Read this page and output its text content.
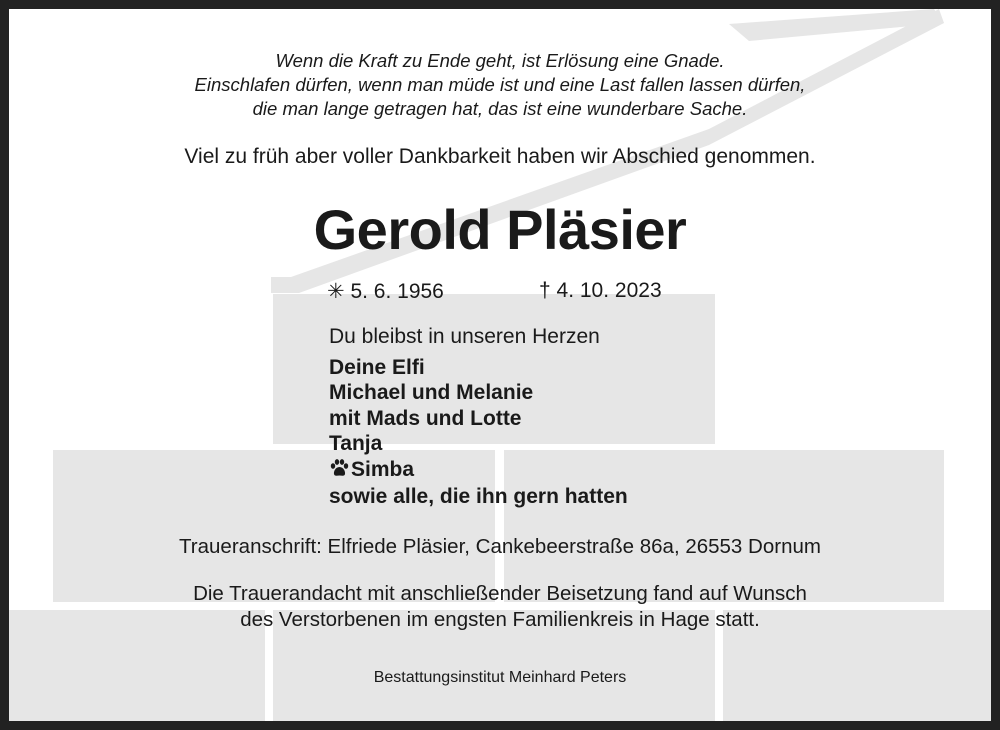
Wenn die Kraft zu Ende geht, ist Erlösung eine Gnade.
Einschlafen dürfen, wenn man müde ist und eine Last fallen lassen dürfen,
die man lange getragen hat, das ist eine wunderbare Sache.
Viel zu früh aber voller Dankbarkeit haben wir Abschied genommen.
Gerold Pläsier
✳ 5. 6. 1956	† 4. 10. 2023
Du bleibst in unseren Herzen
Deine Elfi
Michael und Melanie
mit Mads und Lotte
Tanja
Simba
sowie alle, die ihn gern hatten
Traueranschrift: Elfriede Pläsier, Cankebeerstraße 86a, 26553 Dornum
Die Trauerandacht mit anschließender Beisetzung fand auf Wunsch
des Verstorbenen im engsten Familienkreis in Hage statt.
Bestattungsinstitut Meinhard Peters
